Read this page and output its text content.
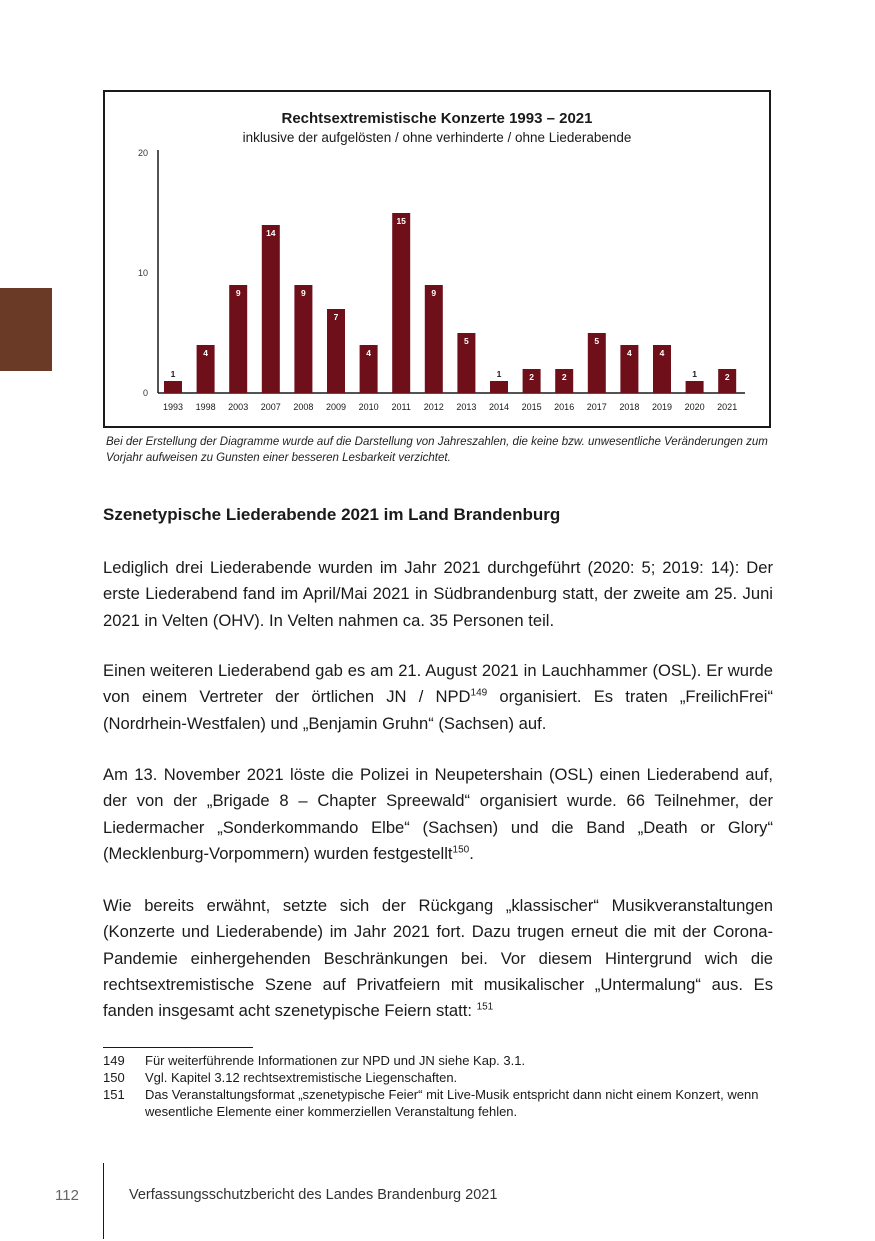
Rechtsextremistische Konzerte 1993 – 2021
inklusive der aufgelösten / ohne verhinderte / ohne Liederabende
0
10
20
1
1993
4
1998
9
2003
14
2007
9
2008
7
2009
4
2010
15
2011
9
2012
5
2013
1
2014
2
2015
2
2016
5
2017
4
2018
4
2019
1
2020
2
2021
Bei der Erstellung der Diagramme wurde auf die Darstellung von Jahreszahlen, die keine bzw. unwesentliche Veränderungen zum Vorjahr aufweisen zu Gunsten einer besseren Lesbarkeit verzichtet.
Szenetypische Liederabende 2021 im Land Brandenburg

Lediglich drei Liederabende wurden im Jahr 2021 durchgeführt (2020: 5; 2019: 14): Der erste Liederabend fand im April/Mai 2021 in Südbrandenburg statt, der zweite am 25. Juni 2021 in Velten (OHV). In Velten nahmen ca. 35 Personen teil.

Einen weiteren Liederabend gab es am 21. August 2021 in Lauchhammer (OSL). Er wurde von einem Vertreter der örtlichen JN / NPD$^{149}$ organisiert. Es traten „FreilichFrei“ (Nordrhein-Westfalen) und „Benjamin Gruhn“ (Sachsen) auf.

Am 13. November 2021 löste die Polizei in Neupetershain (OSL) einen Liederabend auf, der von der „Brigade 8 – Chapter Spreewald“ organisiert wurde. 66 Teilnehmer, der Liedermacher „Sonderkommando Elbe“ (Sachsen) und die Band „Death or Glory“ (Mecklenburg-Vorpommern) wurden festgestellt$^{150}$.

Wie bereits erwähnt, setzte sich der Rückgang „klassischer“ Musikveranstaltungen (Konzerte und Liederabende) im Jahr 2021 fort. Dazu trugen erneut die mit der Corona-Pandemie einhergehenden Beschränkungen bei. Vor diesem Hintergrund wich die rechtsextremistische Szene auf Privatfeiern mit musikalischer „Untermalung“ aus. Es fanden insgesamt acht szenetypische Feiern statt: $^{151}$

149	Für weiterführende Informationen zur NPD und JN siehe Kap. 3.1.
150	Vgl. Kapitel 3.12 rechtsextremistische Liegenschaften.
151	Das Veranstaltungsformat „szenetypische Feier“ mit Live-Musik entspricht dann nicht einem Konzert, wenn wesentliche Elemente einer kommerziellen Veranstaltung fehlen.
112	Verfassungsschutzbericht des Landes Brandenburg 2021
